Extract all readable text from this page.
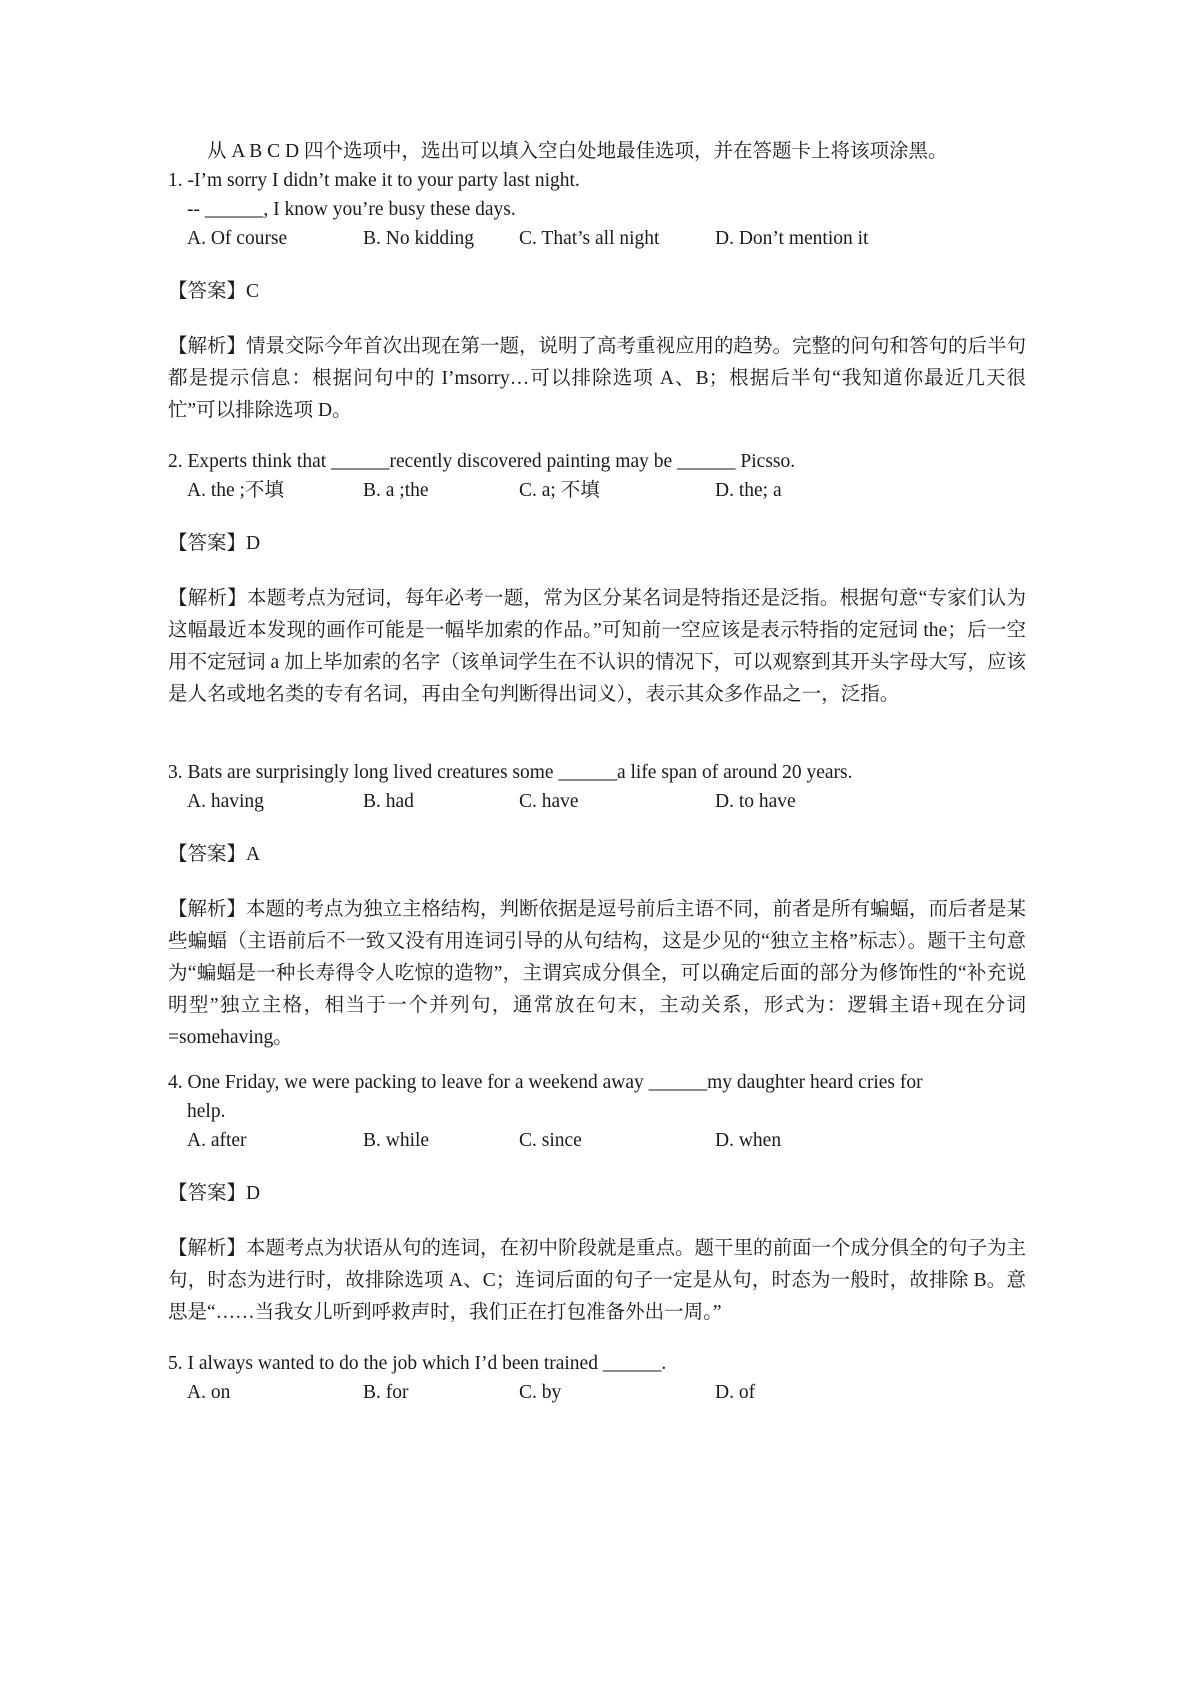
从 A B C D 四个选项中，选出可以填入空白处地最佳选项，并在答题卡上将该项涂黑。
1. -I’m sorry I didn’t make it to your party last night.
-- ______, I know you’re busy these days.
A. Of course	B. No kidding C. That’s all night	D. Don’t mention it
【答案】C
【解析】情景交际今年首次出现在第一题，说明了高考重视应用的趋势。完整的问句和答句的后半句都是提示信息：根据问句中的 I’msorry…可以排除选项 A、B；根据后半句“我知道你最近几天很忙”可以排除选项 D。
2. Experts think that ______recently discovered painting may be ______ Picsso.
A. the ;不填	B. a ;the	C. a; 不填	D. the; a
【答案】D
【解析】本题考点为冠词，每年必考一题，常为区分某名词是特指还是泛指。根据句意“专家们认为这幅最近本发现的画作可能是一幅毕加索的作品。”可知前一空应该是表示特指的定冠词 the；后一空用不定冠词 a 加上毕加索的名字（该单词学生在不认识的情况下，可以观察到其开头字母大写，应该是人名或地名类的专有名词，再由全句判断得出词义），表示其众多作品之一，泛指。
3. Bats are surprisingly long lived creatures some ______a life span of around 20 years.
A. having	B. had	C. have	D. to have
【答案】A
【解析】本题的考点为独立主格结构，判断依据是逗号前后主语不同，前者是所有蝙蝠，而后者是某些蝙蝠（主语前后不一致又没有用连词引导的从句结构，这是少见的“独立主格”标志）。题干主句意为“蝙蝠是一种长寿得令人吃惊的造物”，主谓宾成分俱全，可以确定后面的部分为修饰性的“补充说明型”独立主格，相当于一个并列句，通常放在句末，主动关系，形式为：逻辑主语+现在分词=somehaving。
4. One Friday, we were packing to leave for a weekend away ______my daughter heard cries for
help.
A. after	B. while	C. since	D. when
【答案】D
【解析】本题考点为状语从句的连词，在初中阶段就是重点。题干里的前面一个成分俱全的句子为主句，时态为进行时，故排除选项 A、C；连词后面的句子一定是从句，时态为一般时，故排除 B。意思是“……当我女儿听到呼救声时，我们正在打包准备外出一周。”
5. I always wanted to do the job which I’d been trained ______.
A. on	B. for	C. by	D. of
